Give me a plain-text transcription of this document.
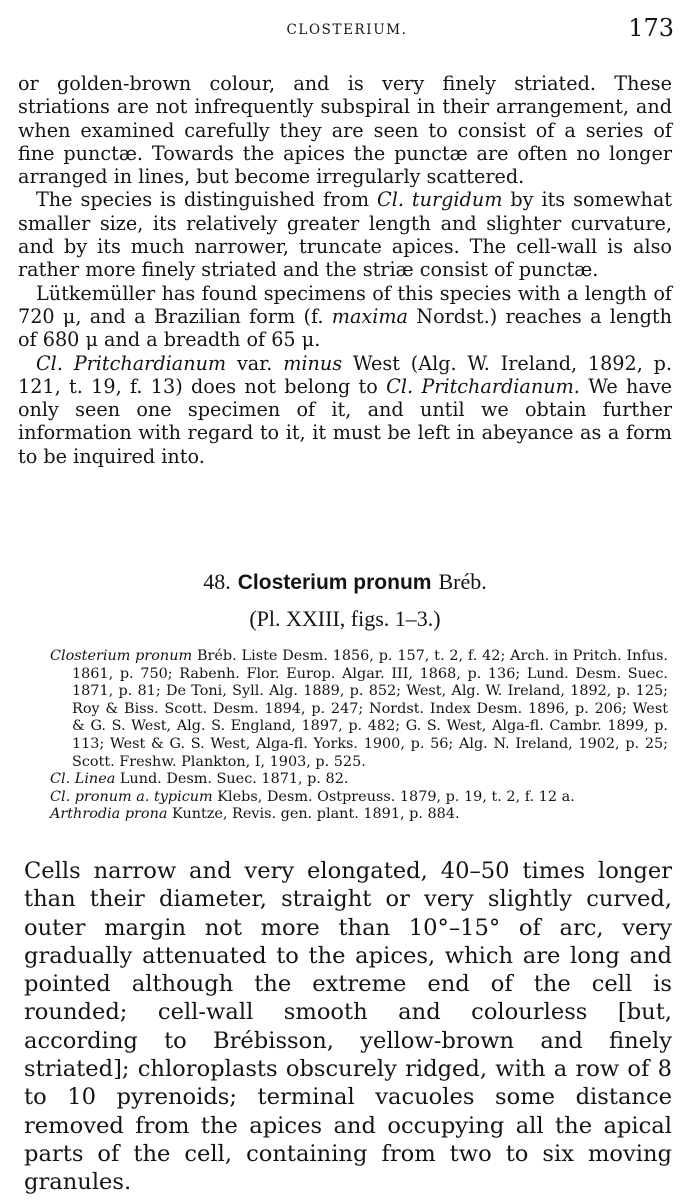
CLOSTERIUM.	173

or golden-brown colour, and is very finely striated. These striations are not infrequently subspiral in their arrangement, and when examined carefully they are seen to consist of a series of fine punctæ. Towards the apices the punctæ are often no longer arranged in lines, but become irregularly scattered.

The species is distinguished from Cl. turgidum by its somewhat smaller size, its relatively greater length and slighter curvature, and by its much narrower, truncate apices. The cell-wall is also rather more finely striated and the striæ consist of punctæ.

Lütkemüller has found specimens of this species with a length of 720 μ, and a Brazilian form (f. maxima Nordst.) reaches a length of 680 μ and a breadth of 65 μ.

Cl. Pritchardianum var. minus West (Alg. W. Ireland, 1892, p. 121, t. 19, f. 13) does not belong to Cl. Pritchardianum. We have only seen one specimen of it, and until we obtain further information with regard to it, it must be left in abeyance as a form to be inquired into.

48. Closterium pronum Bréb.
(Pl. XXIII, figs. 1–3.)
Closterium pronum Bréb. Liste Desm. 1856, p. 157, t. 2, f. 42; Arch. in Pritch. Infus. 1861, p. 750; Rabenh. Flor. Europ. Algar. III, 1868, p. 136; Lund. Desm. Suec. 1871, p. 81; De Toni, Syll. Alg. 1889, p. 852; West, Alg. W. Ireland, 1892, p. 125; Roy & Biss. Scott. Desm. 1894, p. 247; Nordst. Index Desm. 1896, p. 206; West & G. S. West, Alg. S. England, 1897, p. 482; G. S. West, Alga-fl. Cambr. 1899, p. 113; West & G. S. West, Alga-fl. Yorks. 1900, p. 56; Alg. N. Ireland, 1902, p. 25; Scott. Freshw. Plankton, I, 1903, p. 525.
Cl. Linea Lund. Desm. Suec. 1871, p. 82.
Cl. pronum a. typicum Klebs, Desm. Ostpreuss. 1879, p. 19, t. 2, f. 12 a.
Arthrodia prona Kuntze, Revis. gen. plant. 1891, p. 884.

Cells narrow and very elongated, 40–50 times longer than their diameter, straight or very slightly curved, outer margin not more than 10°–15° of arc, very gradually attenuated to the apices, which are long and pointed although the extreme end of the cell is rounded; cell-wall smooth and colourless [but, according to Brébisson, yellow-brown and finely striated]; chloroplasts obscurely ridged, with a row of 8 to 10 pyrenoids; terminal vacuoles some distance removed from the apices and occupying all the apical parts of the cell, containing from two to six moving granules.
